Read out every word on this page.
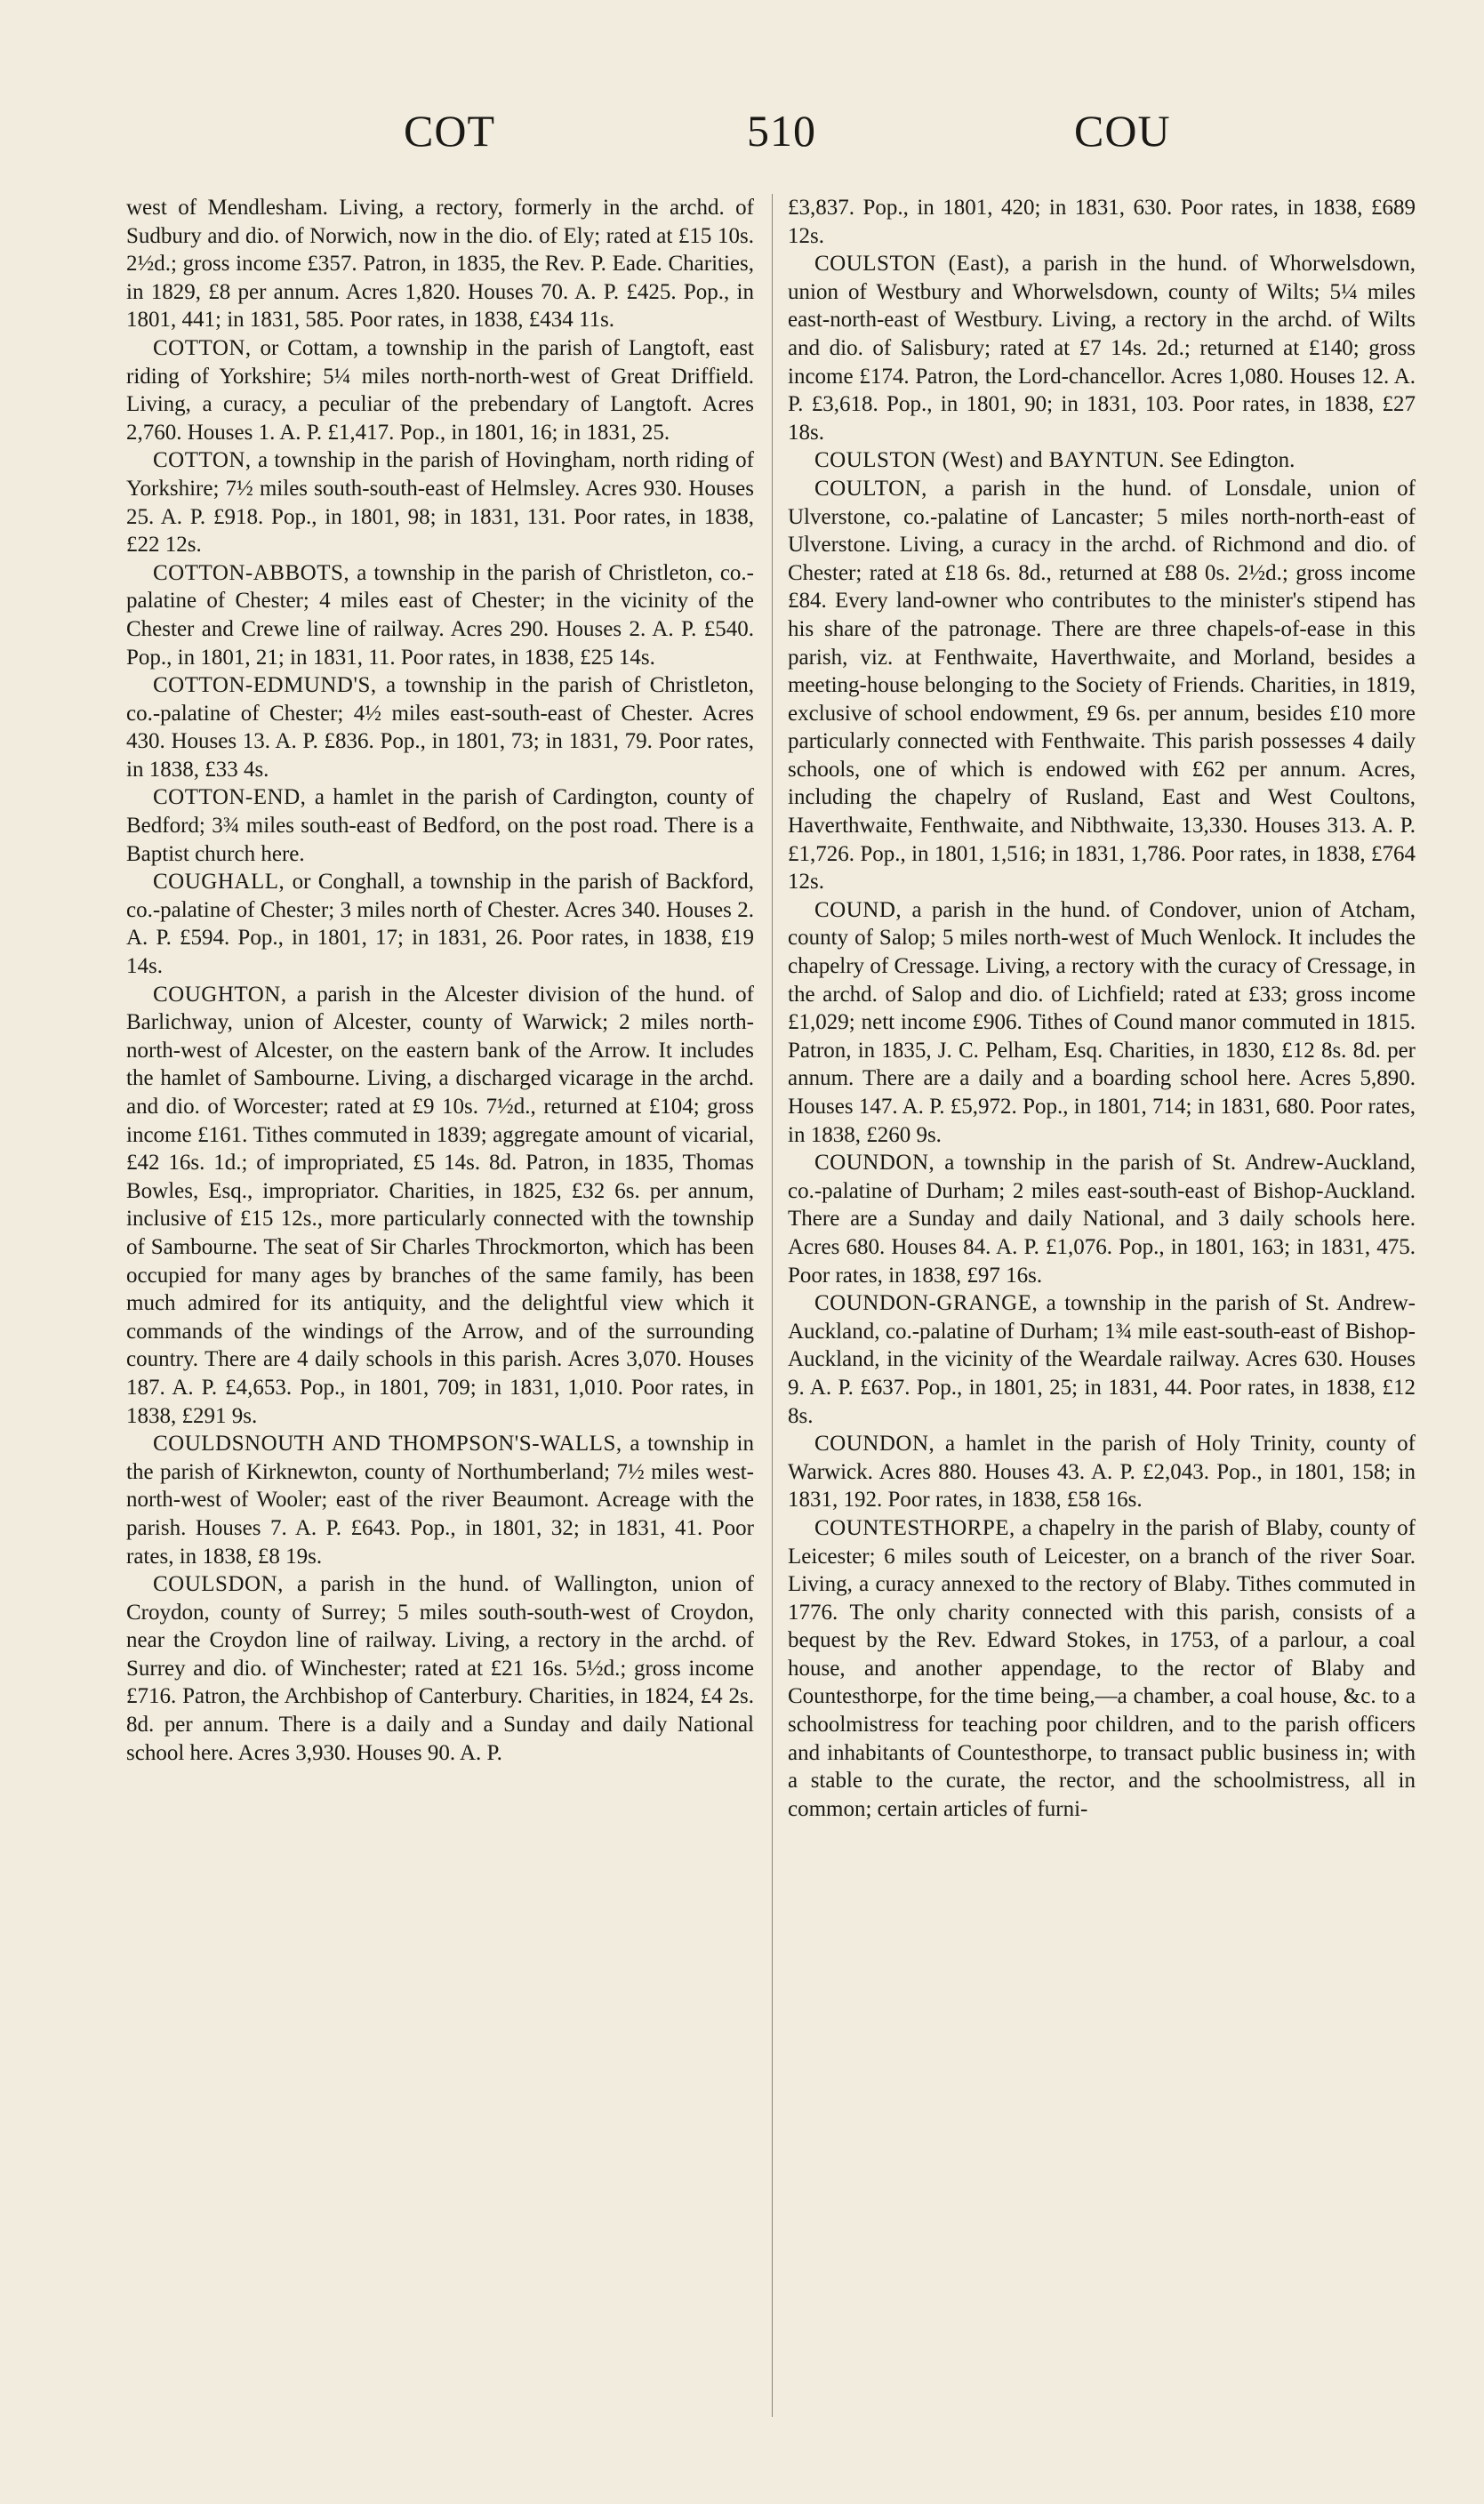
COT	510	COU

west of Mendlesham. Living, a rectory, formerly in the archd. of Sudbury and dio. of Norwich, now in the dio. of Ely; rated at £15 10s. 2½d.; gross income £357. Patron, in 1835, the Rev. P. Eade. Charities, in 1829, £8 per annum. Acres 1,820. Houses 70. A. P. £425. Pop., in 1801, 441; in 1831, 585. Poor rates, in 1838, £434 11s.

COTTON, or Cottam, a township in the parish of Langtoft, east riding of Yorkshire; 5¼ miles north-north-west of Great Driffield. Living, a curacy, a peculiar of the prebendary of Langtoft. Acres 2,760. Houses 1. A. P. £1,417. Pop., in 1801, 16; in 1831, 25.

COTTON, a township in the parish of Hovingham, north riding of Yorkshire; 7½ miles south-south-east of Helmsley. Acres 930. Houses 25. A. P. £918. Pop., in 1801, 98; in 1831, 131. Poor rates, in 1838, £22 12s.

COTTON-ABBOTS, a township in the parish of Christleton, co.-palatine of Chester; 4 miles east of Chester; in the vicinity of the Chester and Crewe line of railway. Acres 290. Houses 2. A. P. £540. Pop., in 1801, 21; in 1831, 11. Poor rates, in 1838, £25 14s.

COTTON-EDMUND'S, a township in the parish of Christleton, co.-palatine of Chester; 4½ miles east-south-east of Chester. Acres 430. Houses 13. A. P. £836. Pop., in 1801, 73; in 1831, 79. Poor rates, in 1838, £33 4s.

COTTON-END, a hamlet in the parish of Cardington, county of Bedford; 3¾ miles south-east of Bedford, on the post road. There is a Baptist church here.

COUGHALL, or Conghall, a township in the parish of Backford, co.-palatine of Chester; 3 miles north of Chester. Acres 340. Houses 2. A. P. £594. Pop., in 1801, 17; in 1831, 26. Poor rates, in 1838, £19 14s.

COUGHTON, a parish in the Alcester division of the hund. of Barlichway, union of Alcester, county of Warwick; 2 miles north-north-west of Alcester, on the eastern bank of the Arrow. It includes the hamlet of Sambourne. Living, a discharged vicarage in the archd. and dio. of Worcester; rated at £9 10s. 7½d., returned at £104; gross income £161. Tithes commuted in 1839; aggregate amount of vicarial, £42 16s. 1d.; of impropriated, £5 14s. 8d. Patron, in 1835, Thomas Bowles, Esq., impropriator. Charities, in 1825, £32 6s. per annum, inclusive of £15 12s., more particularly connected with the township of Sambourne. The seat of Sir Charles Throckmorton, which has been occupied for many ages by branches of the same family, has been much admired for its antiquity, and the delightful view which it commands of the windings of the Arrow, and of the surrounding country. There are 4 daily schools in this parish. Acres 3,070. Houses 187. A. P. £4,653. Pop., in 1801, 709; in 1831, 1,010. Poor rates, in 1838, £291 9s.

COULDSNOUTH AND THOMPSON'S-WALLS, a township in the parish of Kirknewton, county of Northumberland; 7½ miles west-north-west of Wooler; east of the river Beaumont. Acreage with the parish. Houses 7. A. P. £643. Pop., in 1801, 32; in 1831, 41. Poor rates, in 1838, £8 19s.

COULSDON, a parish in the hund. of Wallington, union of Croydon, county of Surrey; 5 miles south-south-west of Croydon, near the Croydon line of railway. Living, a rectory in the archd. of Surrey and dio. of Winchester; rated at £21 16s. 5½d.; gross income £716. Patron, the Archbishop of Canterbury. Charities, in 1824, £4 2s. 8d. per annum. There is a daily and a Sunday and daily National school here. Acres 3,930. Houses 90. A. P.

£3,837. Pop., in 1801, 420; in 1831, 630. Poor rates, in 1838, £689 12s.

COULSTON (East), a parish in the hund. of Whorwelsdown, union of Westbury and Whorwelsdown, county of Wilts; 5¼ miles east-north-east of Westbury. Living, a rectory in the archd. of Wilts and dio. of Salisbury; rated at £7 14s. 2d.; returned at £140; gross income £174. Patron, the Lord-chancellor. Acres 1,080. Houses 12. A. P. £3,618. Pop., in 1801, 90; in 1831, 103. Poor rates, in 1838, £27 18s.

COULSTON (West) and BAYNTUN. See Edington.

COULTON, a parish in the hund. of Lonsdale, union of Ulverstone, co.-palatine of Lancaster; 5 miles north-north-east of Ulverstone. Living, a curacy in the archd. of Richmond and dio. of Chester; rated at £18 6s. 8d., returned at £88 0s. 2½d.; gross income £84. Every land-owner who contributes to the minister's stipend has his share of the patronage. There are three chapels-of-ease in this parish, viz. at Fenthwaite, Haverthwaite, and Morland, besides a meeting-house belonging to the Society of Friends. Charities, in 1819, exclusive of school endowment, £9 6s. per annum, besides £10 more particularly connected with Fenthwaite. This parish possesses 4 daily schools, one of which is endowed with £62 per annum. Acres, including the chapelry of Rusland, East and West Coultons, Haverthwaite, Fenthwaite, and Nibthwaite, 13,330. Houses 313. A. P. £1,726. Pop., in 1801, 1,516; in 1831, 1,786. Poor rates, in 1838, £764 12s.

COUND, a parish in the hund. of Condover, union of Atcham, county of Salop; 5 miles north-west of Much Wenlock. It includes the chapelry of Cressage. Living, a rectory with the curacy of Cressage, in the archd. of Salop and dio. of Lichfield; rated at £33; gross income £1,029; nett income £906. Tithes of Cound manor commuted in 1815. Patron, in 1835, J. C. Pelham, Esq. Charities, in 1830, £12 8s. 8d. per annum. There are a daily and a boarding school here. Acres 5,890. Houses 147. A. P. £5,972. Pop., in 1801, 714; in 1831, 680. Poor rates, in 1838, £260 9s.

COUNDON, a township in the parish of St. Andrew-Auckland, co.-palatine of Durham; 2 miles east-south-east of Bishop-Auckland. There are a Sunday and daily National, and 3 daily schools here. Acres 680. Houses 84. A. P. £1,076. Pop., in 1801, 163; in 1831, 475. Poor rates, in 1838, £97 16s.

COUNDON-GRANGE, a township in the parish of St. Andrew-Auckland, co.-palatine of Durham; 1¾ mile east-south-east of Bishop-Auckland, in the vicinity of the Weardale railway. Acres 630. Houses 9. A. P. £637. Pop., in 1801, 25; in 1831, 44. Poor rates, in 1838, £12 8s.

COUNDON, a hamlet in the parish of Holy Trinity, county of Warwick. Acres 880. Houses 43. A. P. £2,043. Pop., in 1801, 158; in 1831, 192. Poor rates, in 1838, £58 16s.

COUNTESTHORPE, a chapelry in the parish of Blaby, county of Leicester; 6 miles south of Leicester, on a branch of the river Soar. Living, a curacy annexed to the rectory of Blaby. Tithes commuted in 1776. The only charity connected with this parish, consists of a bequest by the Rev. Edward Stokes, in 1753, of a parlour, a coal house, and another appendage, to the rector of Blaby and Countesthorpe, for the time being,—a chamber, a coal house, &c. to a schoolmistress for teaching poor children, and to the parish officers and inhabitants of Countesthorpe, to transact public business in; with a stable to the curate, the rector, and the schoolmistress, all in common; certain articles of furni-
